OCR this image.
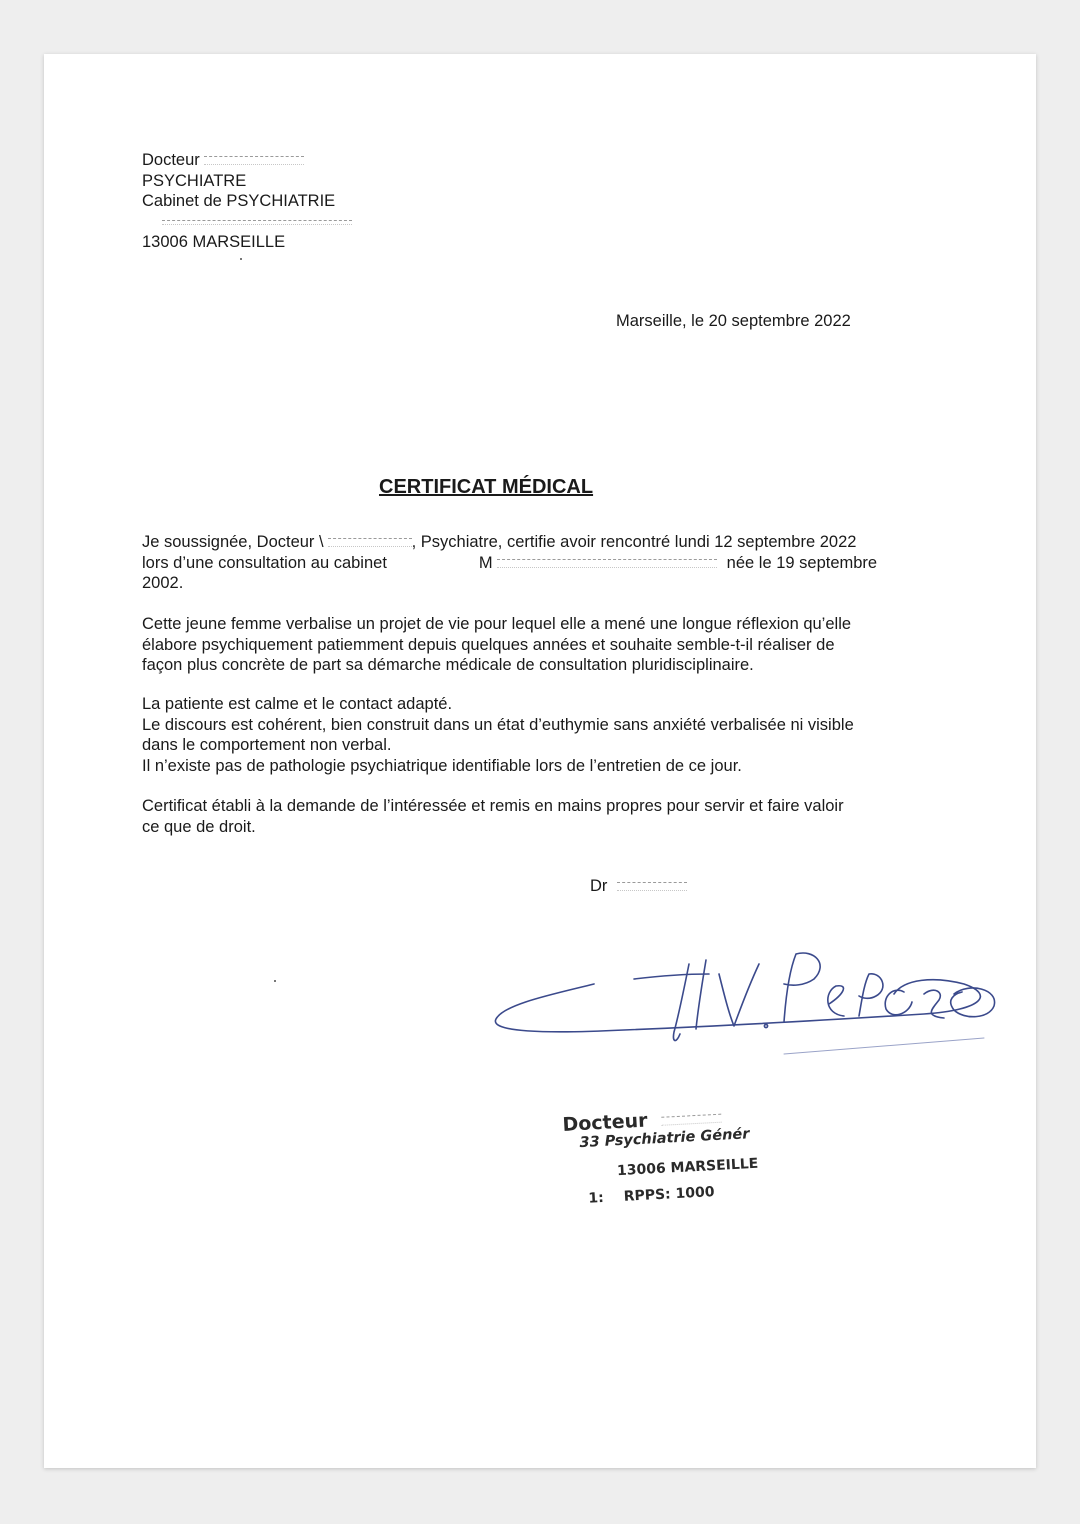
Docteur
PSYCHIATRE
Cabinet de PSYCHIATRIE
13006 MARSEILLE
Marseille, le 20 septembre 2022
CERTIFICAT MÉDICAL
Je soussignée, Docteur \	, Psychiatre, certifie avoir rencontré lundi 12 septembre 2022
lors d’une consultation au cabinet	M	née le 19 septembre
2002.
Cette jeune femme verbalise un projet de vie pour lequel elle a mené une longue réflexion qu’elle
élabore psychiquement patiemment depuis quelques années et souhaite semble-t-il réaliser de
façon plus concrète de part sa démarche médicale de consultation pluridisciplinaire.
La patiente est calme et le contact adapté.
Le discours est cohérent, bien construit dans un état d’euthymie sans anxiété verbalisée ni visible
dans le comportement non verbal.
Il n’existe pas de pathologie psychiatrique identifiable lors de l’entretien de ce jour.
Certificat établi à la demande de l’intéressée et remis en mains propres pour servir et faire valoir
ce que de droit.
Dr
Docteur
33 Psychiatrie Génér
13006 MARSEILLE
1: RPPS: 1000
